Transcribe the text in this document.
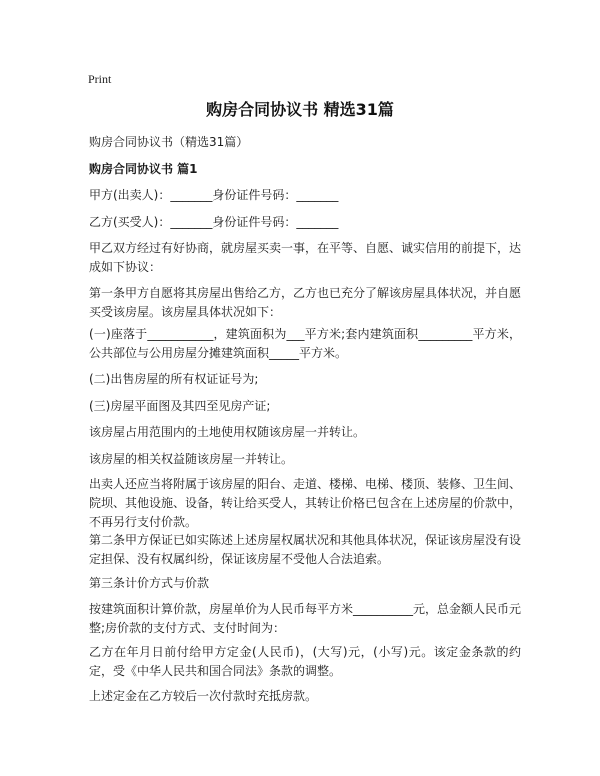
Print
购房合同协议书 精选31篇
购房合同协议书（精选31篇）
购房合同协议书 篇1
甲方(出卖人)：_______身份证件号码：_______
乙方(买受人)：_______身份证件号码：_______
甲乙双方经过有好协商，就房屋买卖一事，在平等、自愿、诚实信用的前提下，达成如下协议：
第一条甲方自愿将其房屋出售给乙方，乙方也已充分了解该房屋具体状况，并自愿买受该房屋。该房屋具体状况如下：
(一)座落于___________，建筑面积为___平方米;套内建筑面积_________平方米，公共部位与公用房屋分摊建筑面积_____平方米。
(二)出售房屋的所有权证证号为;
(三)房屋平面图及其四至见房产证;
该房屋占用范围内的土地使用权随该房屋一并转让。
该房屋的相关权益随该房屋一并转让。
出卖人还应当将附属于该房屋的阳台、走道、楼梯、电梯、楼顶、装修、卫生间、院坝、其他设施、设备，转让给买受人，其转让价格已包含在上述房屋的价款中，不再另行支付价款。
第二条甲方保证已如实陈述上述房屋权属状况和其他具体状况，保证该房屋没有设定担保、没有权属纠纷，保证该房屋不受他人合法追索。
第三条计价方式与价款
按建筑面积计算价款，房屋单价为人民币每平方米__________元，总金额人民币元整;房价款的支付方式、支付时间为：
乙方在年月日前付给甲方定金(人民币)，(大写)元，(小写)元。该定金条款的约定，受《中华人民共和国合同法》条款的调整。
上述定金在乙方较后一次付款时充抵房款。
